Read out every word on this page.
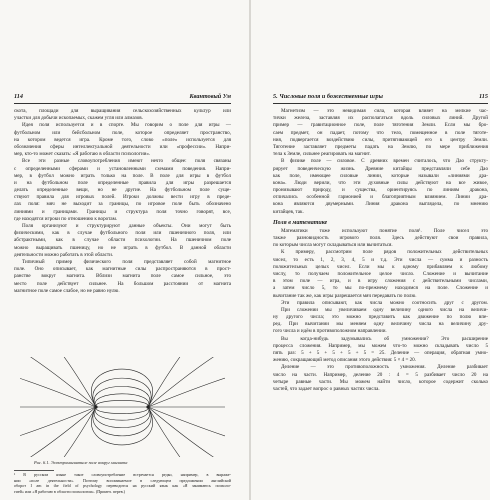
114	Квантовый Ум
скота, площади для выращивания сельскохозяйственных культур или
участки для добычи ископаемых, скажем угля или алмазов.
Идея поля используется и в спорте. Мы говорим о поле для игры —
футбольном или бейсбольном поле, которое определяет пространство,
на котором ведется игра. Кроме того, слово «поле» используется для
обозначения сферы интеллектуальной деятельности или «профессии». Напри-
мер, кто-то может сказать: «Я работаю в области психологии».
Все эти разные словоупотребления имеют нечто общее: поля связаны
с определенными сферами и установленными схемами поведения. Напри-
мер, в футбол можно играть только на поле. В поле для игры в футбол
и на футбольном поле определенные правила для игры разрешается
делать определенные вещи, но не другие. На футбольном поле суще-
ствуют правила для игровых полей. Игроки должны вести игру в преде-
лах поля: мяч не выходит за границы, по игровое поле быть обозначено
линиями и границами. Границы и структура поля точно говорят, все,
где находятся игроки по отношению к воротам.
Поля организуют и структурируют данные объекты. Они могут быть
физическими, как в случае футбольного поля или пшеничного поля, или
абстрактными, как в случае области психологии. На пшеничном поле
можно выращивать пшеницу, но не играть в футбол. В данной области
деятельности можно работать в этой области.
Типичный пример физического поля представляет собой магнитное
поле. Оно описывает, как магнитные силы распространяются в прост-
ранстве вокруг магнита. Вблизи магнита поле самое сильное, это
место поле действует сильнее. На большом расстоянии от магнита
магнитное поле самое слабое, но не равно нулю.
Рис. 6.1. Электромагнитное поле вокруг магнита
¹ В русском языке такое словоупотребление встречается редко, например, в выраже-
нии «поле деятельности». Поэтому вспоминаемое в следующем предложении английской
оборот I am in the field of psychology переводится на русский язык как «Я занимаюсь психоло-
гией» или «Я работаю в области психологии». (Примеч. перев.)
5. Числовые поля и божественные игры	115
Магнетизм — это невидимая сила, которая влияет на мелкие час-
тички железа, заставляя их располагаться вдоль силовых линий. Другой
пример — гравитационное поле, поле тяготения Земли. Если мы бро-
саем предмет, он падает, потому что тело, помещенное в поле тяготе-
ния, подвергается воздействию силы, притягивающей его к центру Земли.
Тяготение заставляет предметы падать на Землю, по мере приближения
тела к Земле, сильнее реагировать на магнит.
В физике поле — силовое. С древних времен считалось, что Дао структу-
рирует поведенческую жизнь. Древние китайцы представляли себе Дао
как поле, имеющее силовые линии, которые называли «линиями дра-
кона». Люди верили, что эти духовные силы действуют на все живое,
пронизывают природу, и существа, ориентируясь по линиям дракона,
отличались особенной гармонией и благоприятным влиянием. Линии дра-
кона являются двумерными. Линия дракона выглядела, по мнению
китайцев, так.
Поля в математике
Математики тоже используют понятие поля¹. Поле чисел это
также разновидность игрового поля. Здесь действуют свои правила,
по которым числа могут складываться или вычитаться.
К примеру, рассмотрим поле рядов положительных действительных
чисел, то есть 1, 2, 3, 4, 5 и т.д. Эти числа — сумма и разность
положительных целых чисел. Если мы к одному прибавляем к любому
числу, то получаем положительное целое число. Сложение и вычитание
в этом поле — игра, и в игру сложения с действительными числами,
а затем число 5, то мы по-прежнему находимся на поле. Сложение и
вычитание так же, как игры разрешается мяч передавать по полю.
Эти правила описывают, как числа можно соотносить друг с другом.
При сложении мы увеличиваем одну величину одного числа на величи-
ну другого числа; это можно представить как движение по полю впе-
ред. При вычитании мы меняем одну величину числа на величину дру-
гого числа и идём в противоположном направлении.
Вы когда-нибудь задумывались об умножении? Это расширение
процесса сложения. Например, мы можем что-то можно складывать число 5
пять раз: 5 + 5 + 5 + 5 + 5 = 25. Деление — операция, обратная умно-
жению, сокращающий метод описания этого действия: 5 × 4 = 20.
Деление — это противоположность умножения. Деление разбивает
число на части. Например, деление 20 : 4 = 5 разбивает число 20 на
четыре равные части. Мы можем найти число, которое содержит сколько
частей, что задает вопрос о равных частях числа.
